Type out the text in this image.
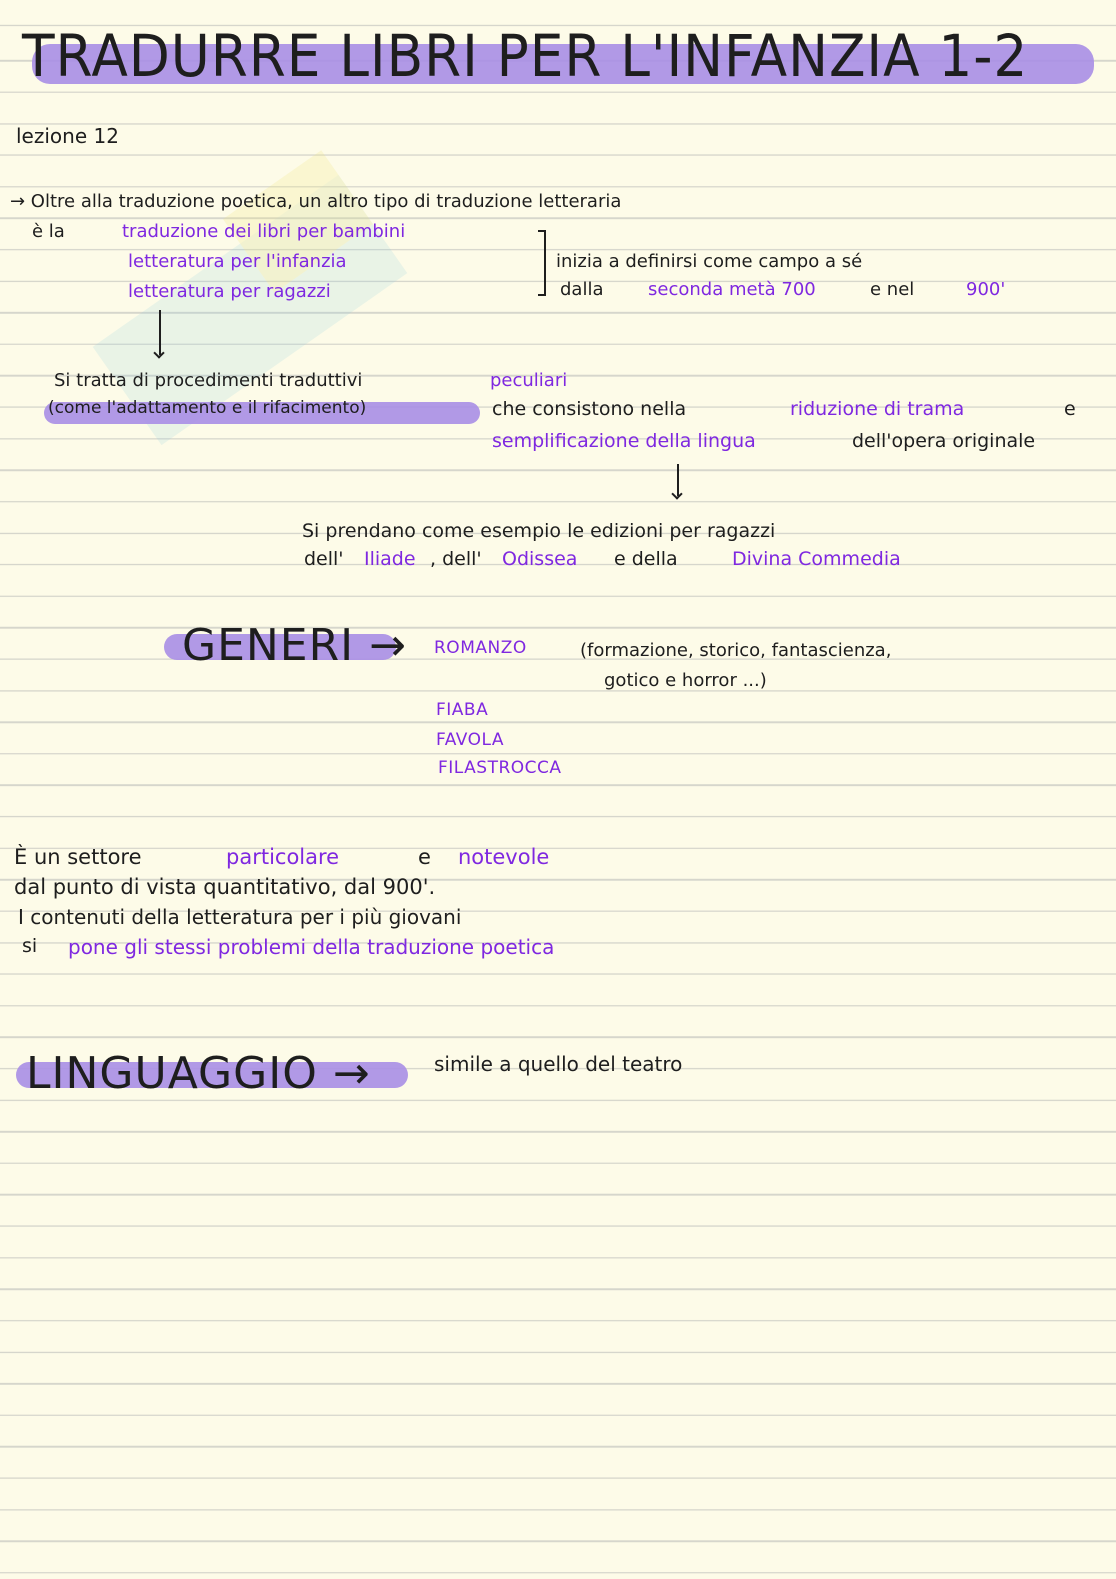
TRADURRE LIBRI PER L'INFANZIA 1-2
lezione 12
→ Oltre alla traduzione poetica, un altro tipo di traduzione letteraria
è la	traduzione dei libri per bambini
letteratura per l'infanzia
letteratura per ragazzi
inizia a definirsi come campo a sé
dalla seconda metà 700	e nel	900'
Si tratta di procedimenti traduttivi	peculiari
(come l'adattamento e il rifacimento)	che consistono nella	riduzione di trama	e
semplificazione della lingua	dell'opera originale
Si prendano come esempio le edizioni per ragazzi
dell' Iliade , dell' Odissea e della	Divina Commedia
GENERI → ROMANZO	(formazione, storico, fantascienza,
gotico e horror ...)
FIABA
FAVOLA
FILASTROCCA
È un settore	particolare	e notevole
dal punto di vista quantitativo, dal 900'.
I contenuti della letteratura per i più giovani
si pone gli stessi problemi della traduzione poetica
LINGUAGGIO →	simile a quello del teatro
